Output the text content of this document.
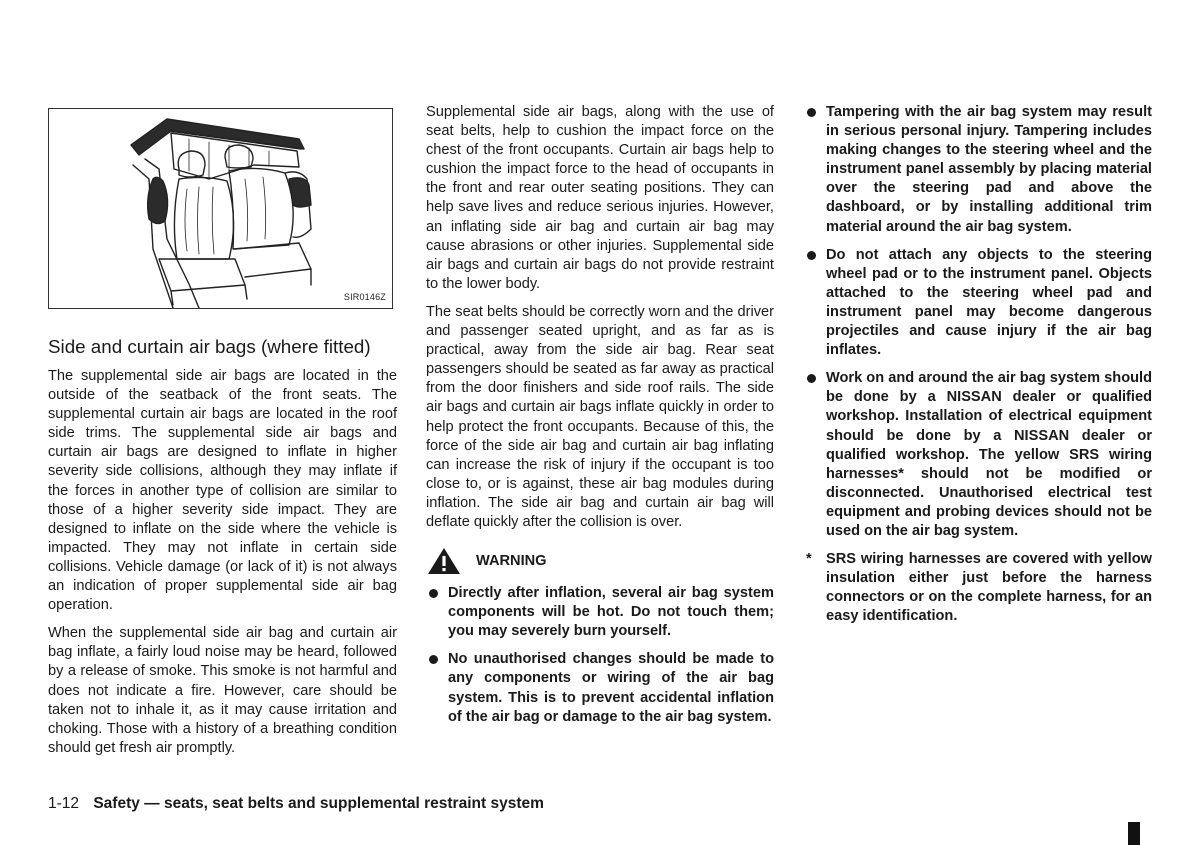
SIR0146Z
Side and curtain air bags (where fitted)

The supplemental side air bags are located in the outside of the seatback of the front seats. The supplemental curtain air bags are located in the roof side trims. The supplemental side air bags and curtain air bags are designed to inflate in higher severity side collisions, although they may inflate if the forces in another type of collision are similar to those of a higher severity side impact. They are designed to inflate on the side where the vehicle is impacted. They may not inflate in certain side collisions. Vehicle damage (or lack of it) is not always an indication of proper supplemental side air bag operation.

When the supplemental side air bag and curtain air bag inflate, a fairly loud noise may be heard, followed by a release of smoke. This smoke is not harmful and does not indicate a fire. However, care should be taken not to inhale it, as it may cause irritation and choking. Those with a history of a breathing condition should get fresh air promptly.

Supplemental side air bags, along with the use of seat belts, help to cushion the impact force on the chest of the front occupants. Curtain air bags help to cushion the impact force to the head of occupants in the front and rear outer seating positions. They can help save lives and reduce serious injuries. However, an inflating side air bag and curtain air bag may cause abrasions or other injuries. Supplemental side air bags and curtain air bags do not provide restraint to the lower body.

The seat belts should be correctly worn and the driver and passenger seated upright, and as far as is practical, away from the side air bag. Rear seat passengers should be seated as far away as practical from the door finishers and side roof rails. The side air bags and curtain air bags inflate quickly in order to help protect the front occupants. Because of this, the force of the side air bag and curtain air bag inflating can increase the risk of injury if the occupant is too close to, or is against, these air bag modules during inflation. The side air bag and curtain air bag will deflate quickly after the collision is over.

WARNING
Directly after inflation, several air bag system components will be hot. Do not touch them; you may severely burn yourself.
No unauthorised changes should be made to any components or wiring of the air bag system. This is to prevent accidental inflation of the air bag or damage to the air bag system.
Tampering with the air bag system may result in serious personal injury. Tampering includes making changes to the steering wheel and the instrument panel assembly by placing material over the steering pad and above the dashboard, or by installing additional trim material around the air bag system.
Do not attach any objects to the steering wheel pad or to the instrument panel. Objects attached to the steering wheel pad and instrument panel may become dangerous projectiles and cause injury if the air bag inflates.
Work on and around the air bag system should be done by a NISSAN dealer or qualified workshop. Installation of electrical equipment should be done by a NISSAN dealer or qualified workshop. The yellow SRS wiring harnesses* should not be modified or disconnected. Unauthorised electrical test equipment and probing devices should not be used on the air bag system.
* SRS wiring harnesses are covered with yellow insulation either just before the harness connectors or on the complete harness, for an easy identification.
1-12 Safety — seats, seat belts and supplemental restraint system
